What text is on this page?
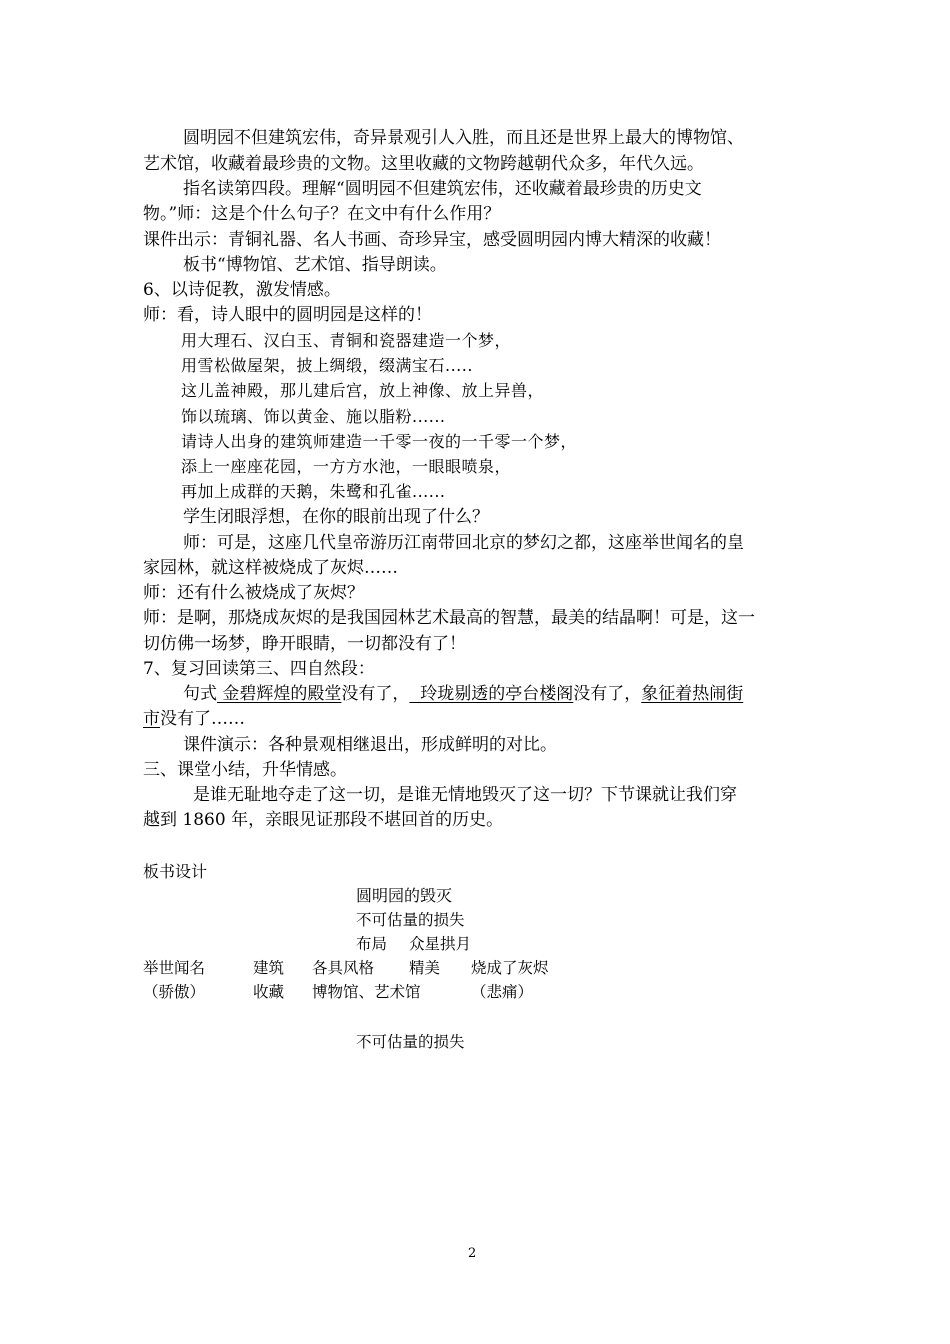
圆明园不但建筑宏伟，奇异景观引人入胜，而且还是世界上最大的博物馆、
艺术馆，收藏着最珍贵的文物。这里收藏的文物跨越朝代众多，年代久远。
指名读第四段。理解“圆明园不但建筑宏伟，还收藏着最珍贵的历史文
物。”师：这是个什么句子？在文中有什么作用？
课件出示：青铜礼器、名人书画、奇珍异宝，感受圆明园内博大精深的收藏！
板书“博物馆、艺术馆、指导朗读。
6、以诗促教，激发情感。
师：看，诗人眼中的圆明园是这样的！
用大理石、汉白玉、青铜和瓷器建造一个梦，
用雪松做屋架，披上绸缎，缀满宝石.....
这儿盖神殿，那儿建后宫，放上神像、放上异兽，
饰以琉璃、饰以黄金、施以脂粉......
请诗人出身的建筑师建造一千零一夜的一千零一个梦，
添上一座座花园，一方方水池，一眼眼喷泉，
再加上成群的天鹅，朱鹭和孔雀......
学生闭眼浮想，在你的眼前出现了什么？
师：可是，这座几代皇帝游历江南带回北京的梦幻之都，这座举世闻名的皇
家园林，就这样被烧成了灰烬……
师：还有什么被烧成了灰烬？
师：是啊，那烧成灰烬的是我国园林艺术最高的智慧，最美的结晶啊！可是，这一
切仿佛一场梦，睁开眼睛，一切都没有了！
7、复习回读第三、四自然段：
句式 金碧辉煌的殿堂没有了，  玲珑剔透的亭台楼阁没有了，象征着热闹街
市没有了……
课件演示：各种景观相继退出，形成鲜明的对比。
三、课堂小结，升华情感。
是谁无耻地夺走了这一切，是谁无情地毁灭了这一切？下节课就让我们穿
越到 1860 年，亲眼见证那段不堪回首的历史。
板书设计
圆明园的毁灭
不可估量的损失
布局 众星拱月
举世闻名	建筑 各具风格 精美 烧成了灰烬
（骄傲）	收藏 博物馆、艺术馆	（悲痛）
不可估量的损失
2
